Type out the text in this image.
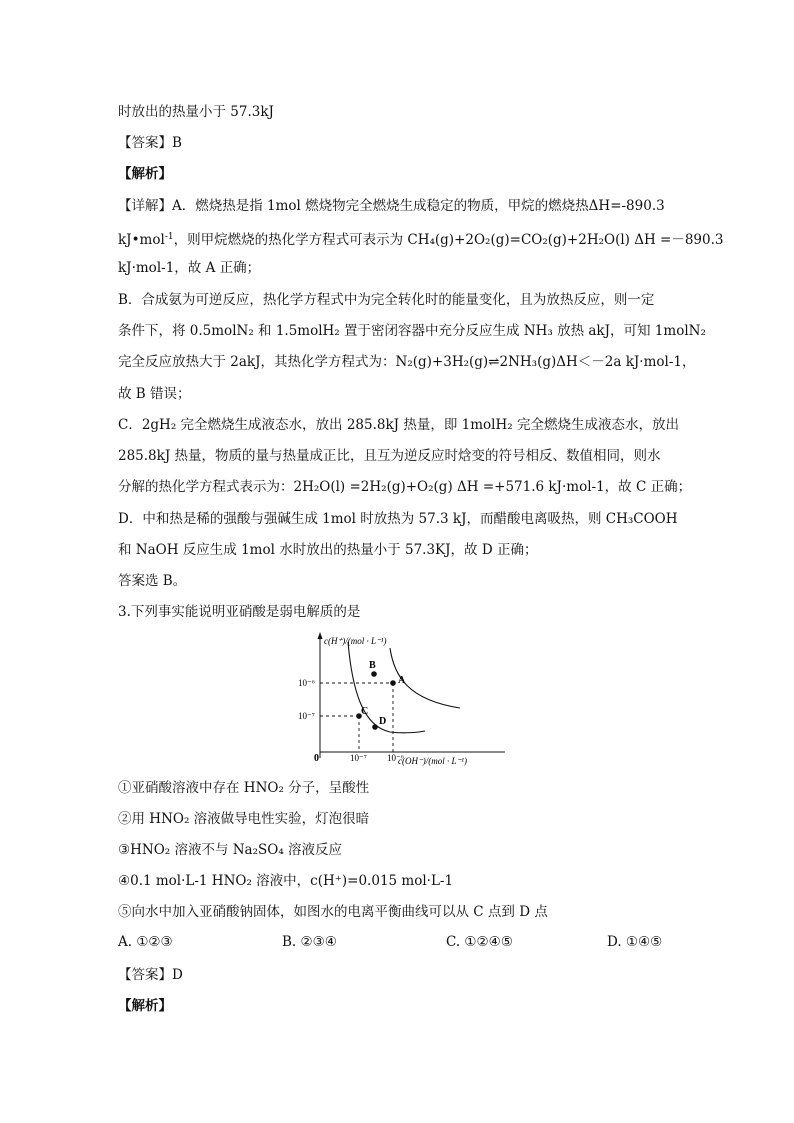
时放出的热量小于 57.3kJ
【答案】B
【解析】
【详解】A．燃烧热是指 1mol 燃烧物完全燃烧生成稳定的物质，甲烷的燃烧热ΔH=-890.3
kJ•mol$^{-1}$，则甲烷燃烧的热化学方程式可表示为 CH₄(g)+2O₂(g)=CO₂(g)+2H₂O(l) ΔH =－890.3
kJ·mol-1，故 A 正确；
B．合成氨为可逆反应，热化学方程式中为完全转化时的能量变化，且为放热反应，则一定
条件下，将 0.5molN₂ 和 1.5molH₂ 置于密闭容器中充分反应生成 NH₃ 放热 akJ，可知 1molN₂
完全反应放热大于 2akJ，其热化学方程式为：N₂(g)+3H₂(g)⇌2NH₃(g)ΔH＜－2a kJ·mol-1，
故 B 错误；
C．2gH₂ 完全燃烧生成液态水，放出 285.8kJ 热量，即 1molH₂ 完全燃烧生成液态水，放出
285.8kJ 热量，物质的量与热量成正比，且互为逆反应时焓变的符号相反、数值相同，则水
分解的热化学方程式表示为：2H₂O(l) =2H₂(g)+O₂(g) ΔH =+571.6 kJ·mol-1，故 C 正确；
D．中和热是稀的强酸与强碱生成 1mol 时放热为 57.3 kJ，而醋酸电离吸热，则 CH₃COOH
和 NaOH 反应生成 1mol 水时放出的热量小于 57.3KJ，故 D 正确；
答案选 B。
3.下列事实能说明亚硝酸是弱电解质的是
c(H⁺)/(mol · L⁻¹)
c(OH⁻)/(mol · L⁻¹)
0
10⁻⁶
10⁻⁷
10⁻⁷ 10⁻⁶
A
B
C
D
①亚硝酸溶液中存在 HNO₂ 分子，呈酸性
②用 HNO₂ 溶液做导电性实验，灯泡很暗
③HNO₂ 溶液不与 Na₂SO₄ 溶液反应
④0.1 mol·L-1 HNO₂ 溶液中，c(H⁺)=0.015 mol·L-1
⑤向水中加入亚硝酸钠固体，如图水的电离平衡曲线可以从 C 点到 D 点
A. ①②③	B. ②③④	C. ①②④⑤	D. ①④⑤
【答案】D
【解析】
